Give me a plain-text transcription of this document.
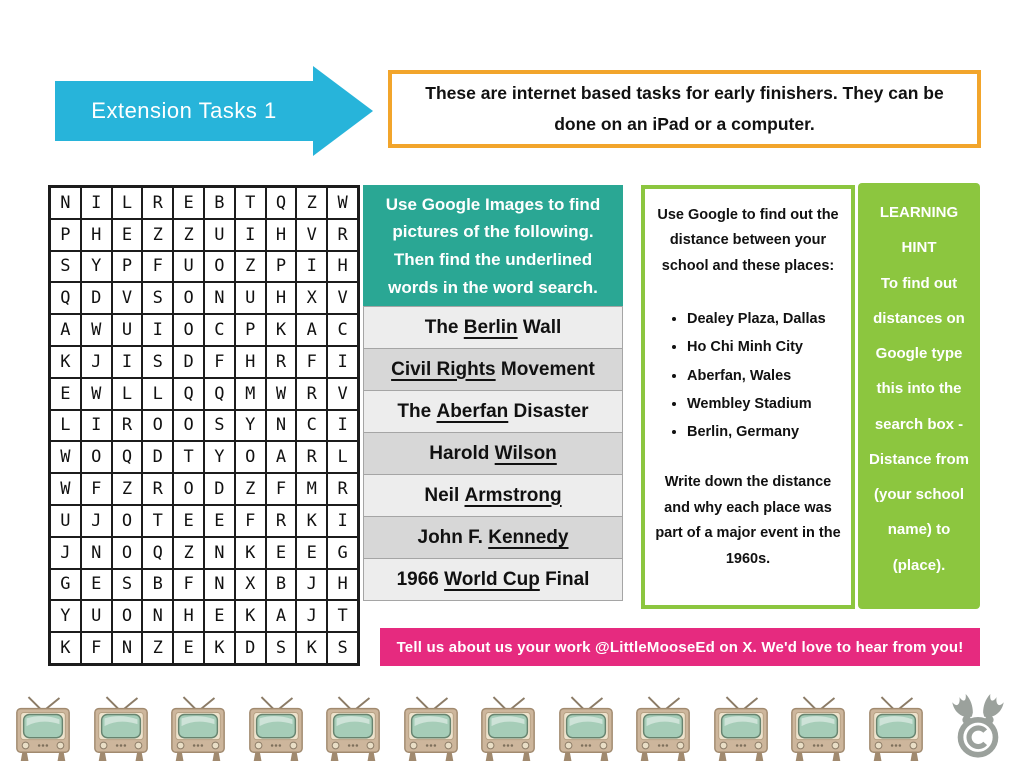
Extension Tasks 1
These are internet based tasks for early finishers. They can be done on an iPad or a computer.
N	I	L	R	E	B	T	Q	Z	W
P	H	E	Z	Z	U	I	H	V	R
S	Y	P	F	U	O	Z	P	I	H
Q	D	V	S	O	N	U	H	X	V
A	W	U	I	O	C	P	K	A	C
K	J	I	S	D	F	H	R	F	I
E	W	L	L	Q	Q	M	W	R	V
L	I	R	O	O	S	Y	N	C	I
W	O	Q	D	T	Y	O	A	R	L
W	F	Z	R	O	D	Z	F	M	R
U	J	O	T	E	E	F	R	K	I
J	N	O	Q	Z	N	K	E	E	G
G	E	S	B	F	N	X	B	J	H
Y	U	O	N	H	E	K	A	J	T
K	F	N	Z	E	K	D	S	K	S
Use Google Images to find pictures of the following. Then find the underlined words in the word search.
The Berlin Wall
Civil Rights Movement
The Aberfan Disaster
Harold Wilson
Neil Armstrong
John F. Kennedy
1966 World Cup Final
Use Google to find out the distance between your school and these places:
• Dealey Plaza, Dallas
• Ho Chi Minh City
• Aberfan, Wales
• Wembley Stadium
• Berlin, Germany
Write down the distance and why each place was part of a major event in the 1960s.
LEARNING HINT
To find out distances on Google type this into the search box - Distance from (your school name) to (place).
Tell us about us your work @LittleMooseEd on X. We'd love to hear from you!
